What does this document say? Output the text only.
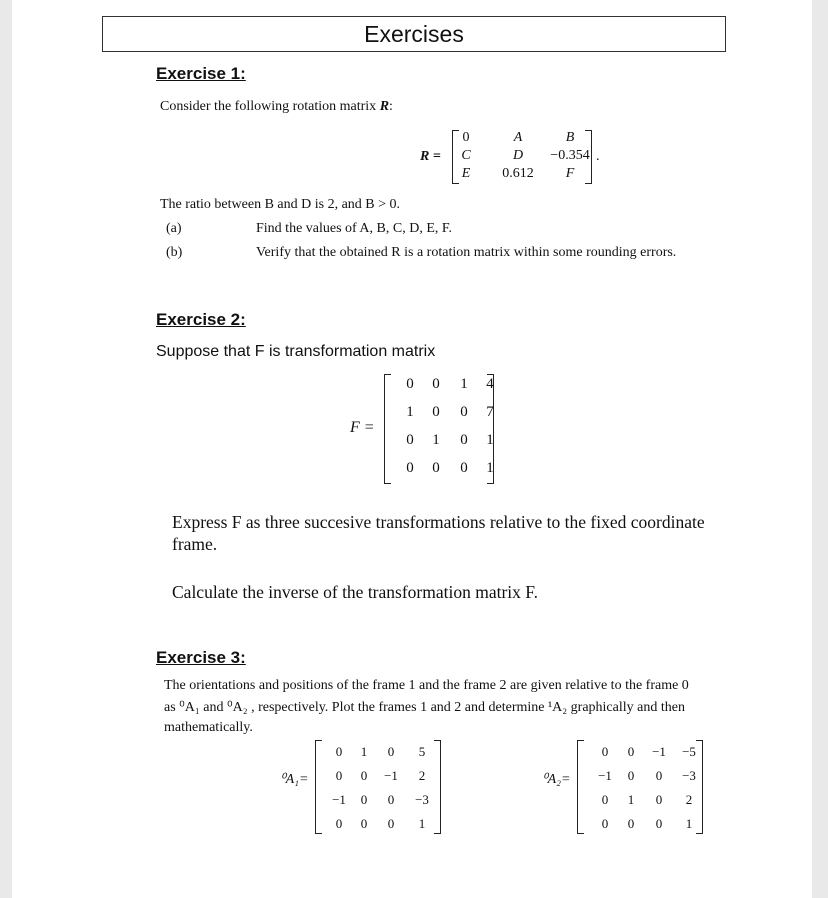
Exercises
Exercise 1:
Consider the following rotation matrix R:
R =
0	A	B
C	D −0.354
E 0.612 F
.
The ratio between B and D is 2, and B > 0.
(a)	Find the values of A, B, C, D, E, F.
(b)	Verify that the obtained R is a rotation matrix within some rounding errors.
Exercise 2:
Suppose that F is transformation matrix
F =
0 0 1 4
1 0 0 7
0 1 0 1
0 0 0 1
Express F as three succesive transformations relative to the fixed coordinate
frame.
Calculate the inverse of the transformation matrix F.
Exercise 3:
The orientations and positions of the frame 1 and the frame 2 are given relative to the frame 0
as ⁰A₁ and ⁰A₂ , respectively. Plot the frames 1 and 2 and determine ¹A₂ graphically and then
mathematically.
⁰A₁=
0 1 0 5
0 0 −1 2
−1 0 0 −3
0 0 0 1
⁰A₂=
0 0 −1 −5
−1 0 0 −3
0 1 0 2
0 0 0 1
